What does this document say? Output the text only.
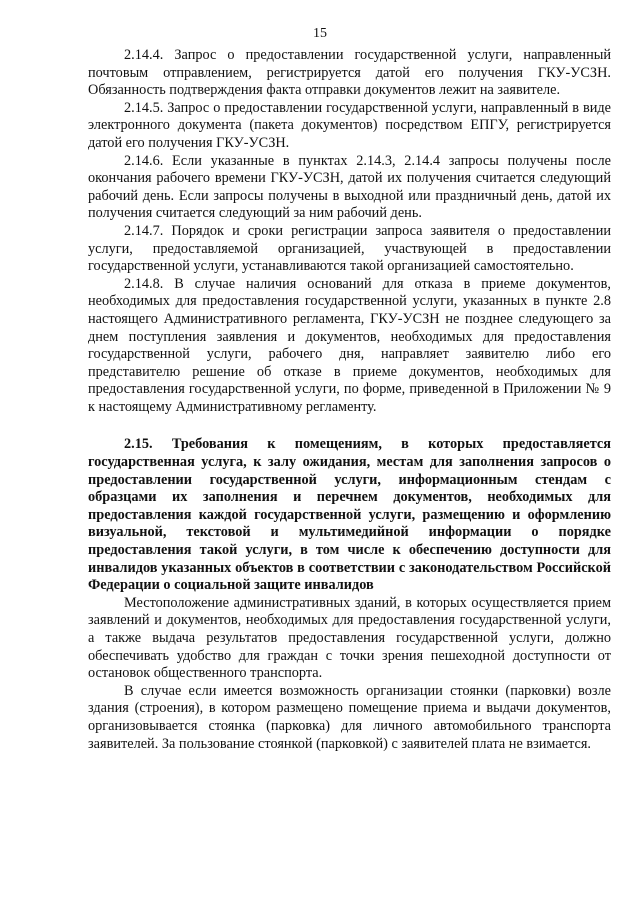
15

2.14.4. Запрос о предоставлении государственной услуги, направленный почтовым отправлением, регистрируется датой его получения ГКУ-УСЗН. Обязанность подтверждения факта отправки документов лежит на заявителе.

2.14.5. Запрос о предоставлении государственной услуги, направленный в виде электронного документа (пакета документов) посредством ЕПГУ, регистрируется датой его получения ГКУ-УСЗН.

2.14.6. Если указанные в пунктах 2.14.3, 2.14.4 запросы получены после окончания рабочего времени ГКУ-УСЗН, датой их получения считается следующий рабочий день. Если запросы получены в выходной или праздничный день, датой их получения считается следующий за ним рабочий день.

2.14.7. Порядок и сроки регистрации запроса заявителя о предоставлении услуги, предоставляемой организацией, участвующей в предоставлении государственной услуги, устанавливаются такой организацией самостоятельно.

2.14.8. В случае наличия оснований для отказа в приеме документов, необходимых для предоставления государственной услуги, указанных в пункте 2.8 настоящего Административного регламента, ГКУ-УСЗН не позднее следующего за днем поступления заявления и документов, необходимых для предоставления государственной услуги, рабочего дня, направляет заявителю либо его представителю решение об отказе в приеме документов, необходимых для предоставления государственной услуги, по форме, приведенной в Приложении № 9 к настоящему Административному регламенту.

2.15. Требования к помещениям, в которых предоставляется государственная услуга, к залу ожидания, местам для заполнения запросов о предоставлении государственной услуги, информационным стендам с образцами их заполнения и перечнем документов, необходимых для предоставления каждой государственной услуги, размещению и оформлению визуальной, текстовой и мультимедийной информации о порядке предоставления такой услуги, в том числе к обеспечению доступности для инвалидов указанных объектов в соответствии с законодательством Российской Федерации о социальной защите инвалидов

Местоположение административных зданий, в которых осуществляется прием заявлений и документов, необходимых для предоставления государственной услуги, а также выдача результатов предоставления государственной услуги, должно обеспечивать удобство для граждан с точки зрения пешеходной доступности от остановок общественного транспорта.

В случае если имеется возможность организации стоянки (парковки) возле здания (строения), в котором размещено помещение приема и выдачи документов, организовывается стоянка (парковка) для личного автомобильного транспорта заявителей. За пользование стоянкой (парковкой) с заявителей плата не взимается.
